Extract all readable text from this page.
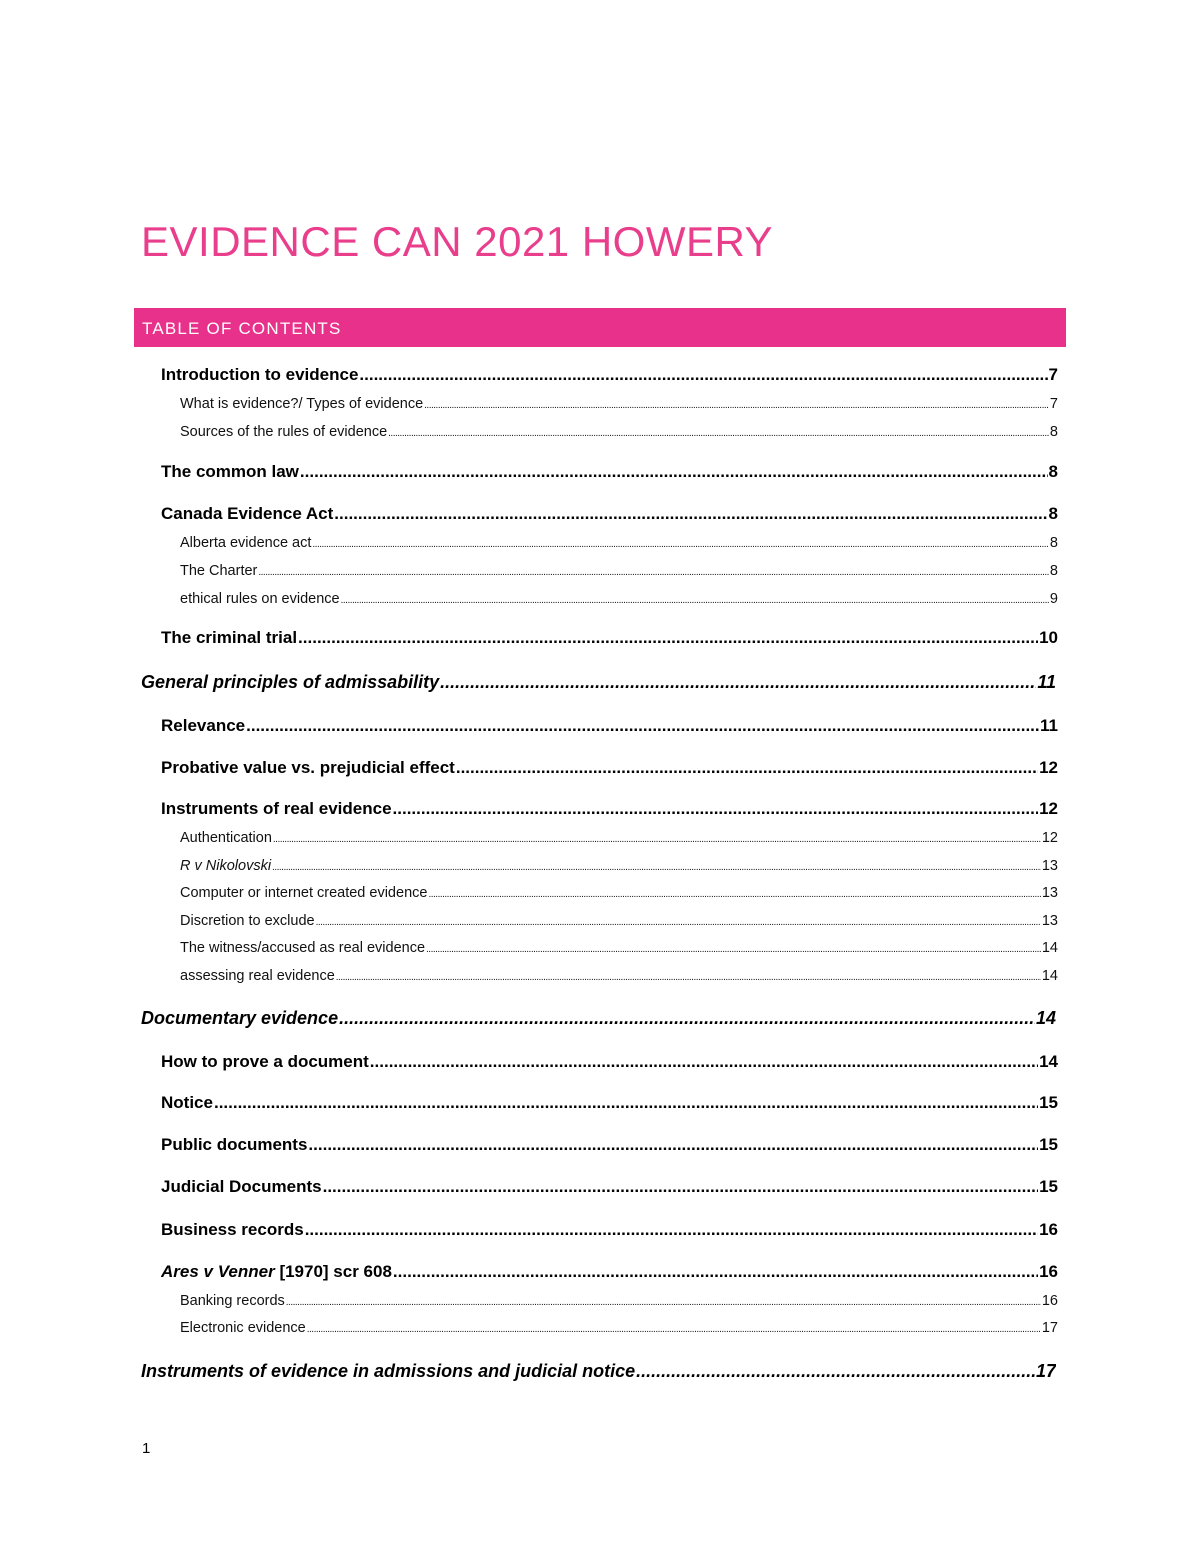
EVIDENCE CAN 2021 HOWERY
TABLE OF CONTENTS
Introduction to evidence .....	7
What is evidence?/ Types of evidence .....	7
Sources of the rules of evidence .....	8
The common law .....	8
Canada Evidence Act .....	8
Alberta evidence act .....	8
The Charter .....	8
ethical rules on evidence .....	9
The criminal trial .....	10
General principles of admissability .....	11
Relevance .....	11
Probative value vs. prejudicial effect .....	12
Instruments of real evidence .....	12
Authentication .....	12
R v Nikolovski .....	13
Computer or internet created evidence .....	13
Discretion to exclude .....	13
The witness/accused as real evidence .....	14
assessing real evidence .....	14
Documentary evidence .....	14
How to prove a document .....	14
Notice .....	15
Public documents .....	15
Judicial Documents .....	15
Business records .....	16
Ares v Venner [1970] scr 608 .....	16
Banking records .....	16
Electronic evidence .....	17
Instruments of evidence in admissions and judicial notice .....	17
1
